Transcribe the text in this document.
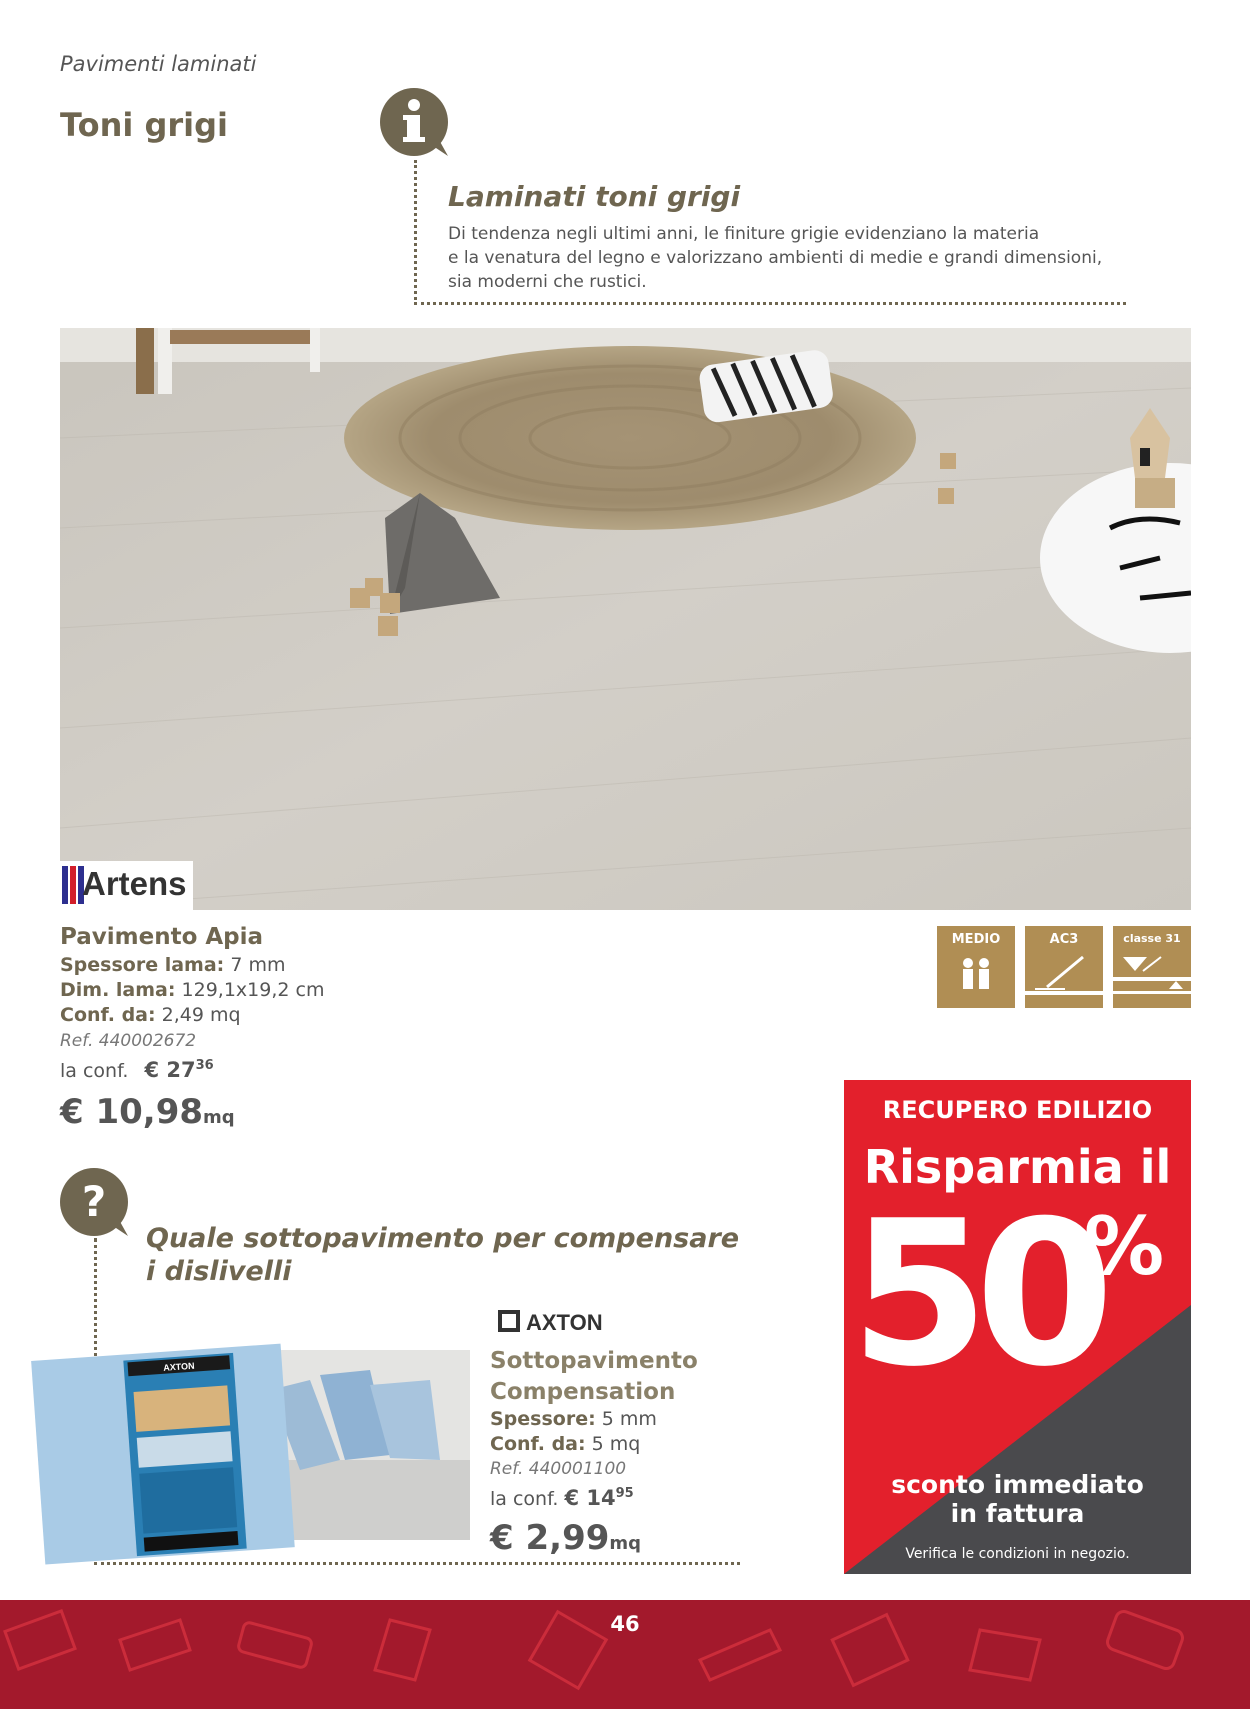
Pavimenti laminati
Toni grigi
Laminati toni grigi
Di tendenza negli ultimi anni, le finiture grigie evidenziano la materia
e la venatura del legno e valorizzano ambienti di medie e grandi dimensioni,
sia moderni che rustici.
Artens
Pavimento Apia
Spessore lama: 7 mm
Dim. lama: 129,1x19,2 cm
Conf. da: 2,49 mq
Ref. 440002672
la conf. € $27^{36}$
€ 10,98mq
MEDIO	AC3	classe 31
?
Quale sottopavimento per compensare
i dislivelli
AXTON
AXTON
Sottopavimento
Compensation
Spessore: 5 mm
Conf. da: 5 mq
Ref. 440001100
la conf. € $14^{95}$
€ 2,99mq
RECUPERO EDILIZIO
Risparmia il
50
%
sconto immediato
in fattura
Verifica le condizioni in negozio.
46
